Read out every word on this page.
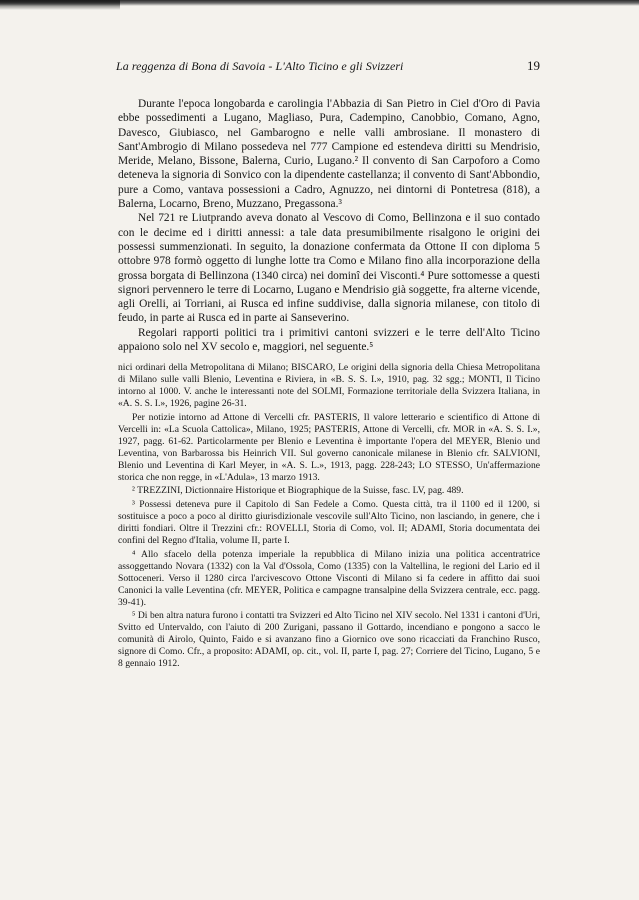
La reggenza di Bona di Savoia - L'Alto Ticino e gli Svizzeri	19

Durante l'epoca longobarda e carolingia l'Abbazia di San Pietro in Ciel d'Oro di Pavia ebbe possedimenti a Lugano, Magliaso, Pura, Cadempino, Canobbio, Comano, Agno, Davesco, Giubiasco, nel Gambarogno e nelle valli ambrosiane. Il monastero di Sant'Ambrogio di Milano possedeva nel 777 Campione ed estendeva diritti su Mendrisio, Meride, Melano, Bissone, Balerna, Curio, Lugano.² Il convento di San Carpoforo a Como deteneva la signoria di Sonvico con la dipendente castellanza; il convento di Sant'Abbondio, pure a Como, vantava possessioni a Cadro, Agnuzzo, nei dintorni di Pontetresa (818), a Balerna, Locarno, Breno, Muzzano, Pregassona.³

Nel 721 re Liutprando aveva donato al Vescovo di Como, Bellinzona e il suo contado con le decime ed i diritti annessi: a tale data presumibilmente risalgono le origini dei possessi summenzionati. In seguito, la donazione confermata da Ottone II con diploma 5 ottobre 978 formò oggetto di lunghe lotte tra Como e Milano fino alla incorporazione della grossa borgata di Bellinzona (1340 circa) nei dominî dei Visconti.⁴ Pure sottomesse a questi signori pervennero le terre di Locarno, Lugano e Mendrisio già soggette, fra alterne vicende, agli Orelli, ai Torriani, ai Rusca ed infine suddivise, dalla signoria milanese, con titolo di feudo, in parte ai Rusca ed in parte ai Sanseverino.

Regolari rapporti politici tra i primitivi cantoni svizzeri e le terre dell'Alto Ticino appaiono solo nel XV secolo e, maggiori, nel seguente.⁵

nici ordinari della Metropolitana di Milano; BISCARO, Le origini della signoria della Chiesa Metropolitana di Milano sulle valli Blenio, Leventina e Riviera, in «B. S. S. I.», 1910, pag. 32 sgg.; MONTI, Il Ticino intorno al 1000. V. anche le interessanti note del SOLMI, Formazione territoriale della Svizzera Italiana, in «A. S. S. I.», 1926, pagine 26-31.

Per notizie intorno ad Attone di Vercelli cfr. PASTERIS, Il valore letterario e scientifico di Attone di Vercelli in: «La Scuola Cattolica», Milano, 1925; PASTERIS, Attone di Vercelli, cfr. MOR in «A. S. S. I.», 1927, pagg. 61-62. Particolarmente per Blenio e Leventina è importante l'opera del MEYER, Blenio und Leventina, von Barbarossa bis Heinrich VII. Sul governo canonicale milanese in Blenio cfr. SALVIONI, Blenio und Leventina di Karl Meyer, in «A. S. L.», 1913, pagg. 228-243; LO STESSO, Un'affermazione storica che non regge, in «L'Adula», 13 marzo 1913.

² TREZZINI, Dictionnaire Historique et Biographique de la Suisse, fasc. LV, pag. 489.

³ Possessi deteneva pure il Capitolo di San Fedele a Como. Questa città, tra il 1100 ed il 1200, si sostituisce a poco a poco al diritto giurisdizionale vescovile sull'Alto Ticino, non lasciando, in genere, che i diritti fondiari. Oltre il Trezzini cfr.: ROVELLI, Storia di Como, vol. II; ADAMI, Storia documentata dei confini del Regno d'Italia, volume II, parte I.

⁴ Allo sfacelo della potenza imperiale la repubblica di Milano inizia una politica accentratrice assoggettando Novara (1332) con la Val d'Ossola, Como (1335) con la Valtellina, le regioni del Lario ed il Sottoceneri. Verso il 1280 circa l'arcivescovo Ottone Visconti di Milano si fa cedere in affitto dai suoi Canonici la valle Leventina (cfr. MEYER, Politica e campagne transalpine della Svizzera centrale, ecc. pagg. 39-41).

⁵ Di ben altra natura furono i contatti tra Svizzeri ed Alto Ticino nel XIV secolo. Nel 1331 i cantoni d'Uri, Svitto ed Untervaldo, con l'aiuto di 200 Zurigani, passano il Gottardo, incendiano e pongono a sacco le comunità di Airolo, Quinto, Faido e si avanzano fino a Giornico ove sono ricacciati da Franchino Rusco, signore di Como. Cfr., a proposito: ADAMI, op. cit., vol. II, parte I, pag. 27; Corriere del Ticino, Lugano, 5 e 8 gennaio 1912.
